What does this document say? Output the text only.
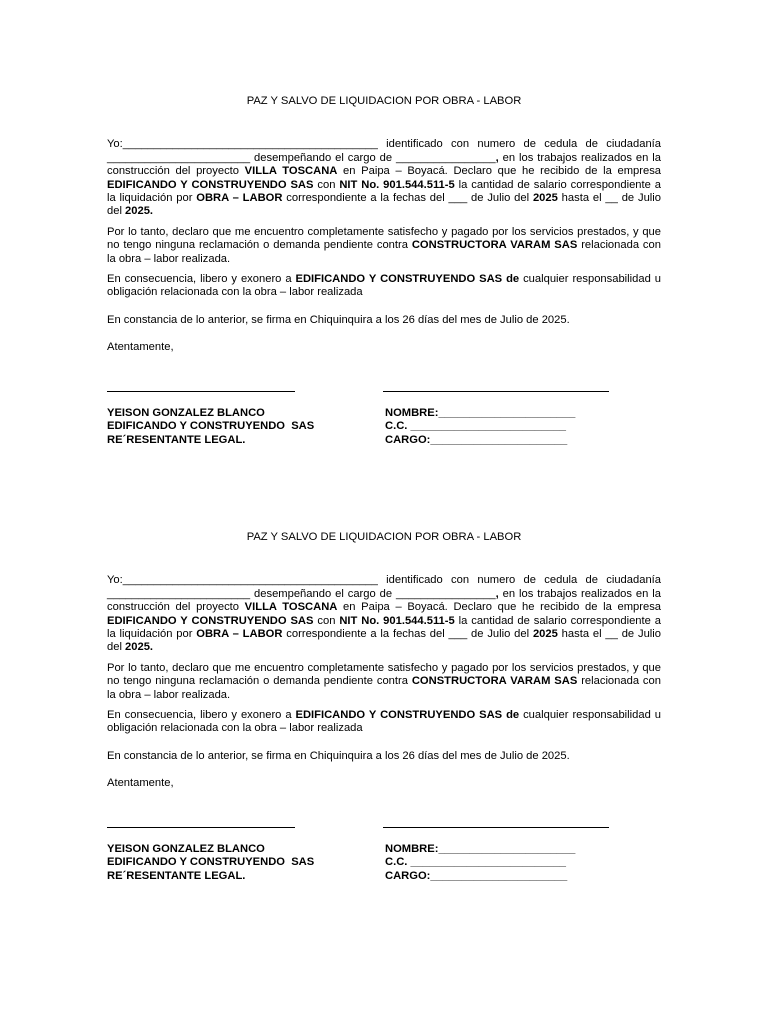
PAZ Y SALVO DE LIQUIDACION POR OBRA - LABOR

Yo:_________________________________________ identificado con numero de cedula de ciudadanía _______________________ desempeñando el cargo de ________________, en los trabajos realizados en la construcción del proyecto VILLA TOSCANA en Paipa – Boyacá. Declaro que he recibido de la empresa EDIFICANDO Y CONSTRUYENDO SAS con NIT No. 901.544.511-5 la cantidad de salario correspondiente a la liquidación por OBRA – LABOR correspondiente a la fechas del ___ de Julio del 2025 hasta el __ de Julio del 2025.

Por lo tanto, declaro que me encuentro completamente satisfecho y pagado por los servicios prestados, y que no tengo ninguna reclamación o demanda pendiente contra CONSTRUCTORA VARAM SAS relacionada con la obra – labor realizada.

En consecuencia, libero y exonero a EDIFICANDO Y CONSTRUYENDO SAS de cualquier responsabilidad u obligación relacionada con la obra – labor realizada

En constancia de lo anterior, se firma en Chiquinquira a los 26 días del mes de Julio de 2025.

Atentamente,

YEISON GONZALEZ BLANCO
EDIFICANDO Y CONSTRUYENDO  SAS
RE´RESENTANTE LEGAL.
NOMBRE:______________________
C.C. _________________________
CARGO:______________________
PAZ Y SALVO DE LIQUIDACION POR OBRA - LABOR

Yo:_________________________________________ identificado con numero de cedula de ciudadanía _______________________ desempeñando el cargo de ________________, en los trabajos realizados en la construcción del proyecto VILLA TOSCANA en Paipa – Boyacá. Declaro que he recibido de la empresa EDIFICANDO Y CONSTRUYENDO SAS con NIT No. 901.544.511-5 la cantidad de salario correspondiente a la liquidación por OBRA – LABOR correspondiente a la fechas del ___ de Julio del 2025 hasta el __ de Julio del 2025.

Por lo tanto, declaro que me encuentro completamente satisfecho y pagado por los servicios prestados, y que no tengo ninguna reclamación o demanda pendiente contra CONSTRUCTORA VARAM SAS relacionada con la obra – labor realizada.

En consecuencia, libero y exonero a EDIFICANDO Y CONSTRUYENDO SAS de cualquier responsabilidad u obligación relacionada con la obra – labor realizada

En constancia de lo anterior, se firma en Chiquinquira a los 26 días del mes de Julio de 2025.

Atentamente,

YEISON GONZALEZ BLANCO
EDIFICANDO Y CONSTRUYENDO  SAS
RE´RESENTANTE LEGAL.
NOMBRE:______________________
C.C. _________________________
CARGO:______________________
